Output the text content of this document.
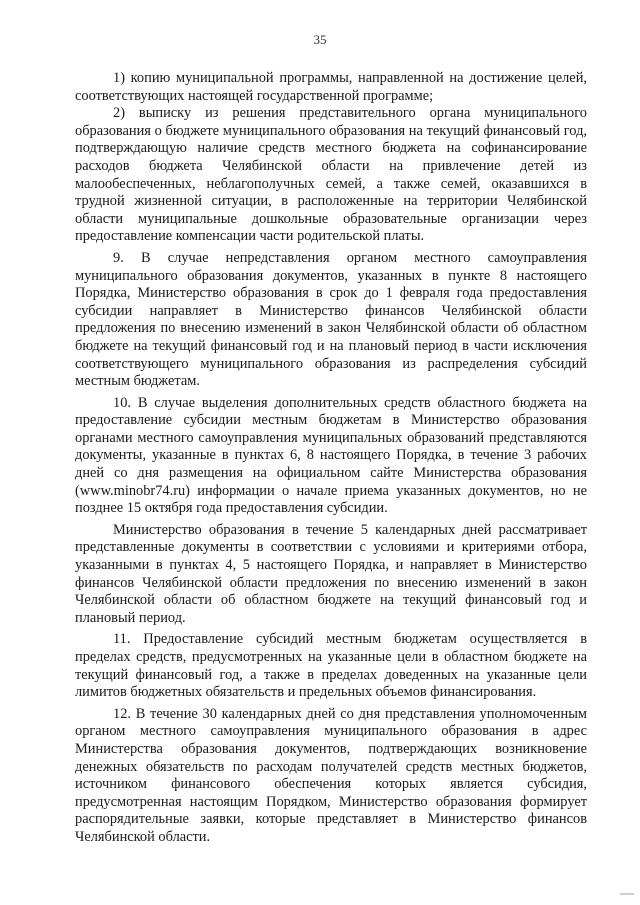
35

1) копию муниципальной программы, направленной на достижение целей, соответствующих настоящей государственной программе;

2) выписку из решения представительного органа муниципального образования о бюджете муниципального образования на текущий финансовый год, подтверждающую наличие средств местного бюджета на софинансирование расходов бюджета Челябинской области на привлечение детей из малообеспеченных, неблагополучных семей, а также семей, оказавшихся в трудной жизненной ситуации, в расположенные на территории Челябинской области муниципальные дошкольные образовательные организации через предоставление компенсации части родительской платы.

9. В случае непредставления органом местного самоуправления муниципального образования документов, указанных в пункте 8 настоящего Порядка, Министерство образования в срок до 1 февраля года предоставления субсидии направляет в Министерство финансов Челябинской области предложения по внесению изменений в закон Челябинской области об областном бюджете на текущий финансовый год и на плановый период в части исключения соответствующего муниципального образования из распределения субсидий местным бюджетам.

10. В случае выделения дополнительных средств областного бюджета на предоставление субсидии местным бюджетам в Министерство образования органами местного самоуправления муниципальных образований представляются документы, указанные в пунктах 6, 8 настоящего Порядка, в течение 3 рабочих дней со дня размещения на официальном сайте Министерства образования (www.minobr74.ru) информации о начале приема указанных документов, но не позднее 15 октября года предоставления субсидии.

Министерство образования в течение 5 календарных дней рассматривает представленные документы в соответствии с условиями и критериями отбора, указанными в пунктах 4, 5 настоящего Порядка, и направляет в Министерство финансов Челябинской области предложения по внесению изменений в закон Челябинской области об областном бюджете на текущий финансовый год и плановый период.

11. Предоставление субсидий местным бюджетам осуществляется в пределах средств, предусмотренных на указанные цели в областном бюджете на текущий финансовый год, а также в пределах доведенных на указанные цели лимитов бюджетных обязательств и предельных объемов финансирования.

12. В течение 30 календарных дней со дня представления уполномоченным органом местного самоуправления муниципального образования в адрес Министерства образования документов, подтверждающих возникновение денежных обязательств по расходам получателей средств местных бюджетов, источником финансового обеспечения которых является субсидия, предусмотренная настоящим Порядком, Министерство образования формирует распорядительные заявки, которые представляет в Министерство финансов Челябинской области.
